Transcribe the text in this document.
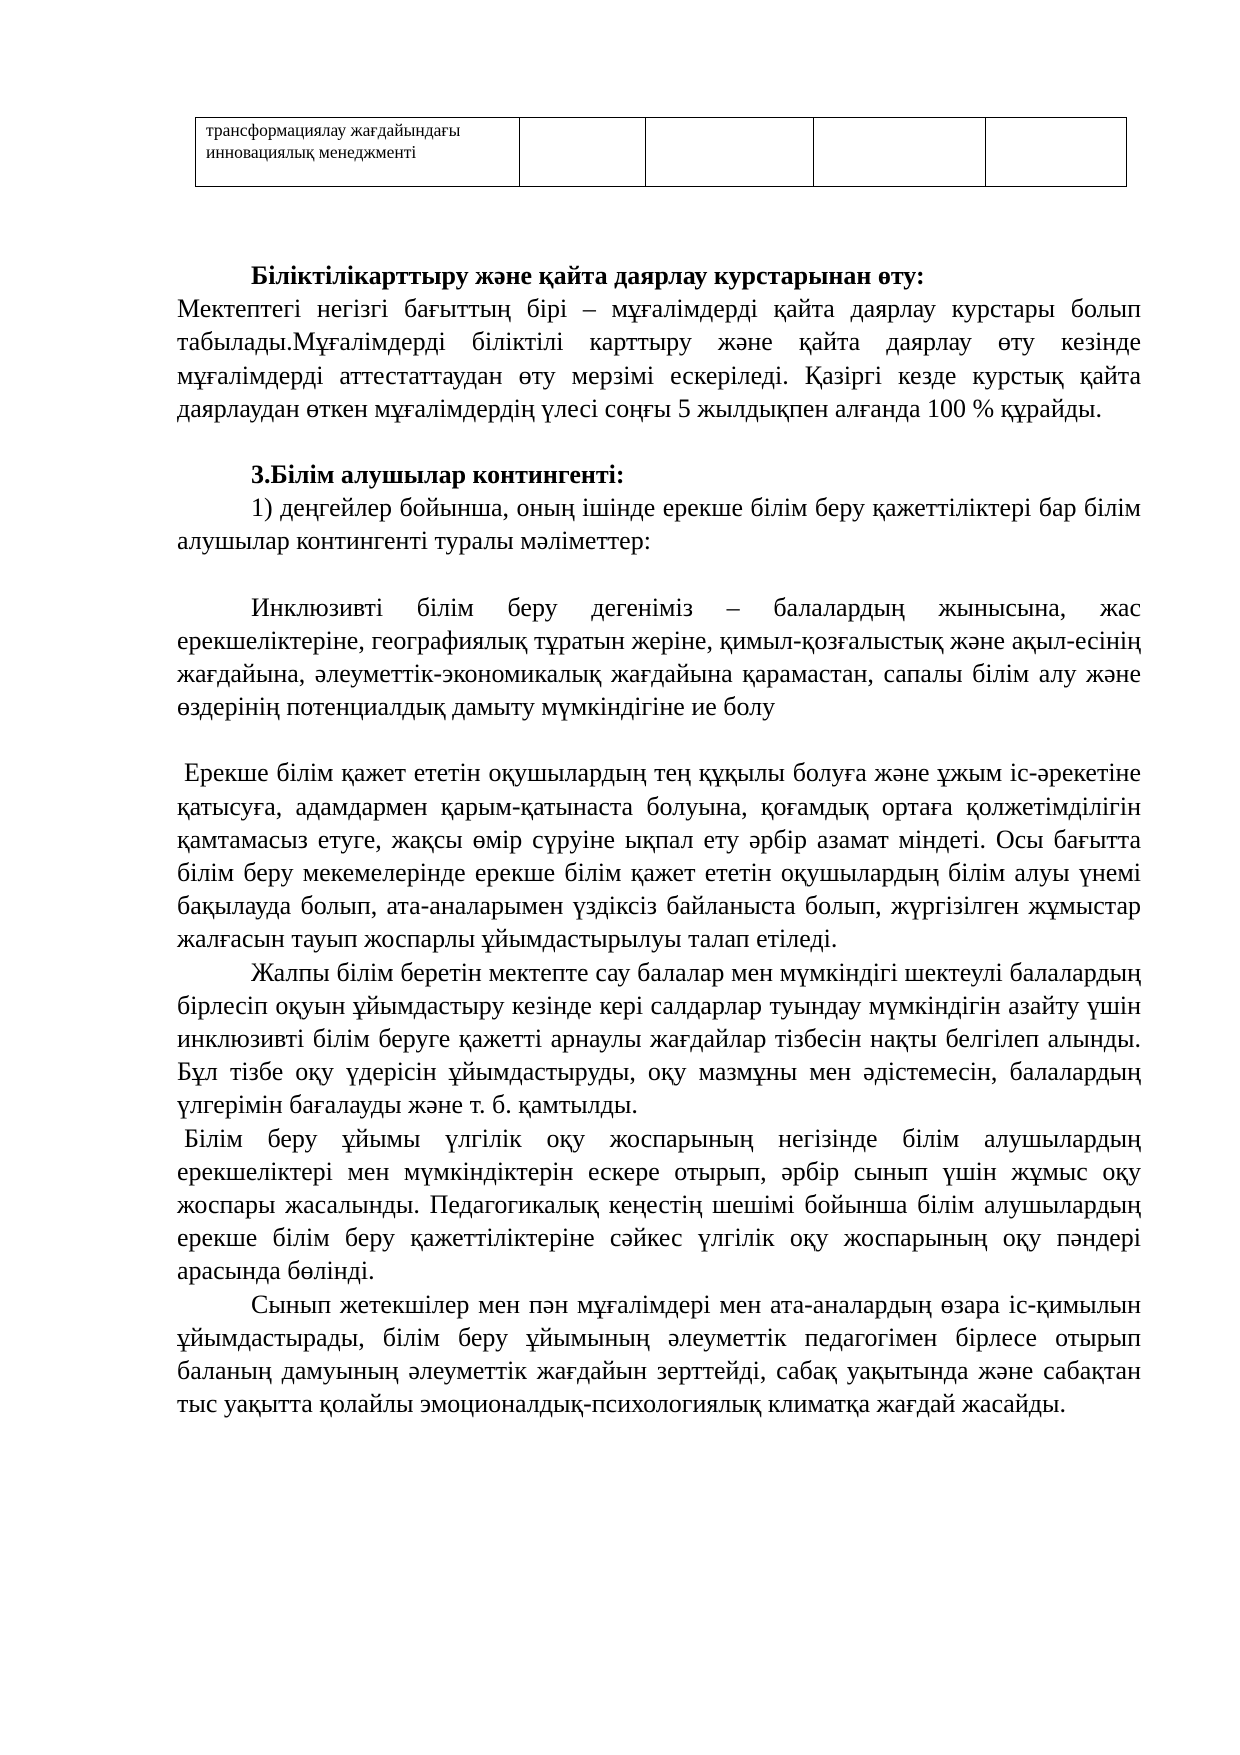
трансформациялау жағдайындағы инновациялық менеджменті				

Біліктілікарттыру және қайта даярлау курстарынан өту:

Мектептегі негізгі бағыттың бірі – мұғалімдерді қайта даярлау курстары болып табылады.Мұғалімдерді біліктілі карттыру және қайта даярлау өту кезінде мұғалімдерді аттестаттаудан өту мерзімі ескеріледі. Қазіргі кезде курстық қайта даярлаудан өткен мұғалімдердің үлесі соңғы 5 жылдықпен алғанда 100 % құрайды.

3.Білім алушылар контингенті:

1) деңгейлер бойынша, оның ішінде ерекше білім беру қажеттіліктері бар білім алушылар контингенті туралы мәліметтер:

Инклюзивті білім беру дегеніміз – балалардың жынысына, жас ерекшеліктеріне, географиялық тұратын жеріне, қимыл-қозғалыстық және ақыл-есінің жағдайына, әлеуметтік-экономикалық жағдайына қарамастан, сапалы білім алу және өздерінің потенциалдық дамыту мүмкіндігіне ие болу

Ерекше білім қажет ететін оқушылардың тең құқылы болуға және ұжым іс-әрекетіне қатысуға, адамдармен қарым-қатынаста болуына, қоғамдық ортаға қолжетімділігін қамтамасыз етуге, жақсы өмір сүруіне ықпал ету әрбір азамат міндеті. Осы бағытта білім беру мекемелерінде ерекше білім қажет ететін оқушылардың білім алуы үнемі бақылауда болып, ата-аналарымен үздіксіз байланыста болып, жүргізілген жұмыстар жалғасын тауып жоспарлы ұйымдастырылуы талап етіледі.

Жалпы білім беретін мектепте сау балалар мен мүмкіндігі шектеулі балалардың бірлесіп оқуын ұйымдастыру кезінде кері салдарлар туындау мүмкіндігін азайту үшін инклюзивті білім беруге қажетті арнаулы жағдайлар тізбесін нақты белгілеп алынды. Бұл тізбе оқу үдерісін ұйымдастыруды, оқу мазмұны мен әдістемесін, балалардың үлгерімін бағалауды және т. б. қамтылды.

Білім беру ұйымы үлгілік оқу жоспарының негізінде білім алушылардың ерекшеліктері мен мүмкіндіктерін ескере отырып, әрбір сынып үшін жұмыс оқу жоспары жасалынды. Педагогикалық кеңестің шешімі бойынша білім алушылардың ерекше білім беру қажеттіліктеріне сәйкес үлгілік оқу жоспарының оқу пәндері арасында бөлінді.

Сынып жетекшілер мен пән мұғалімдері мен ата-аналардың өзара іс-қимылын ұйымдастырады, білім беру ұйымының әлеуметтік педагогімен бірлесе отырып баланың дамуының әлеуметтік жағдайын зерттейді, сабақ уақытында және сабақтан тыс уақытта қолайлы эмоционалдық-психологиялық климатқа жағдай жасайды.
